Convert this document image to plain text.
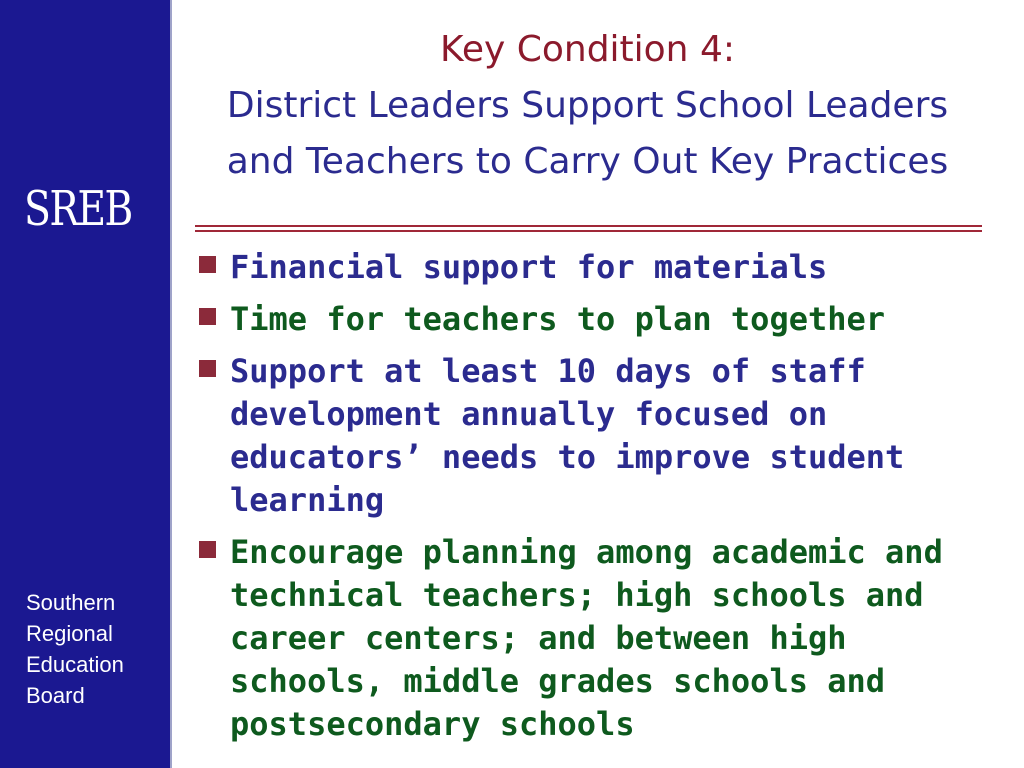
SREB
Southern
Regional
Education
Board
Key Condition 4:
District Leaders Support School Leaders and Teachers to Carry Out Key Practices
Financial support for materials
Time for teachers to plan together
Support at least 10 days of staff development annually focused on educators’ needs to improve student learning
Encourage planning among academic and technical teachers; high schools and career centers; and between high schools, middle grades schools and postsecondary schools
